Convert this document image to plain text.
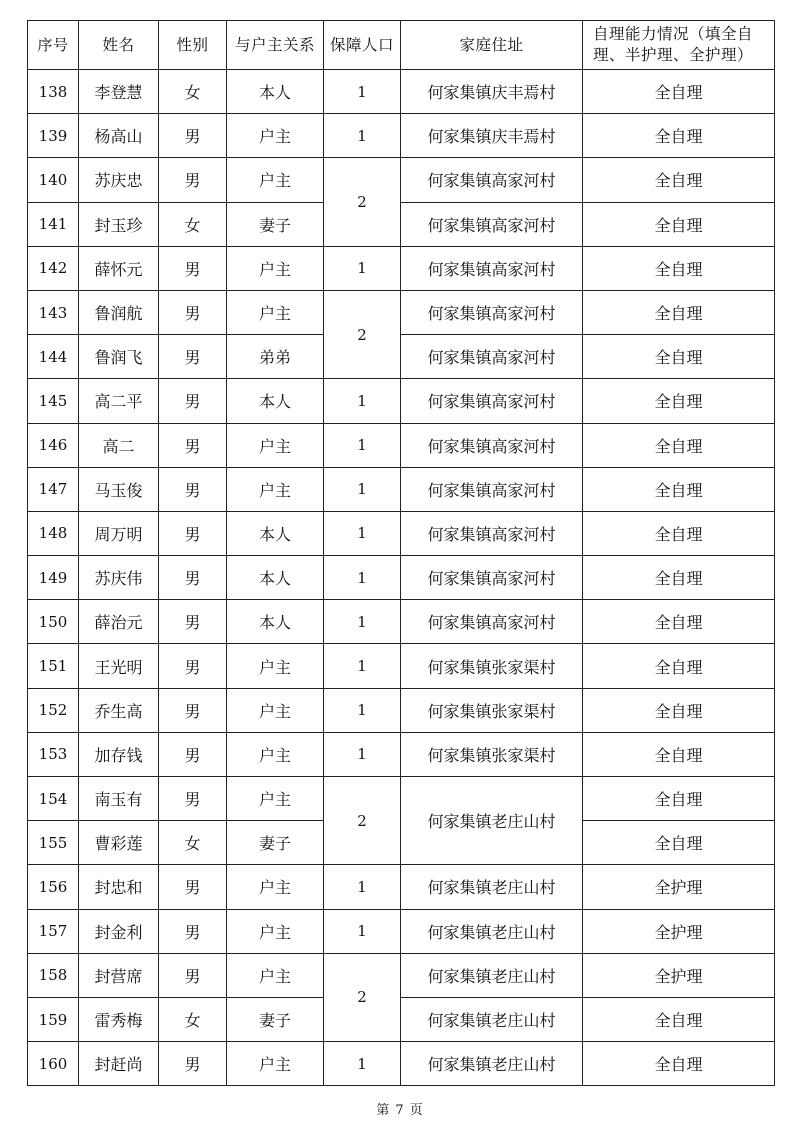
序号	姓名	性别	与户主关系	保障人口	家庭住址	自理能力情况（填全自理、半护理、全护理）
138	李登慧	女	本人	1	何家集镇庆丰焉村	全自理
139	杨高山	男	户主	1	何家集镇庆丰焉村	全自理
140	苏庆忠	男	户主	2	何家集镇高家河村	全自理
141	封玉珍	女	妻子		何家集镇高家河村	全自理
142	薛怀元	男	户主	1	何家集镇高家河村	全自理
143	鲁润航	男	户主	2	何家集镇高家河村	全自理
144	鲁润飞	男	弟弟		何家集镇高家河村	全自理
145	高二平	男	本人	1	何家集镇高家河村	全自理
146	高二	男	户主	1	何家集镇高家河村	全自理
147	马玉俊	男	户主	1	何家集镇高家河村	全自理
148	周万明	男	本人	1	何家集镇高家河村	全自理
149	苏庆伟	男	本人	1	何家集镇高家河村	全自理
150	薛治元	男	本人	1	何家集镇高家河村	全自理
151	王光明	男	户主	1	何家集镇张家渠村	全自理
152	乔生高	男	户主	1	何家集镇张家渠村	全自理
153	加存钱	男	户主	1	何家集镇张家渠村	全自理
154	南玉有	男	户主	2	何家集镇老庄山村	全自理
155	曹彩莲	女	妻子			全自理
156	封忠和	男	户主	1	何家集镇老庄山村	全护理
157	封金利	男	户主	1	何家集镇老庄山村	全护理
158	封营席	男	户主	2	何家集镇老庄山村	全护理
159	雷秀梅	女	妻子		何家集镇老庄山村	全自理
160	封赶尚	男	户主	1	何家集镇老庄山村	全自理
第 7 页
